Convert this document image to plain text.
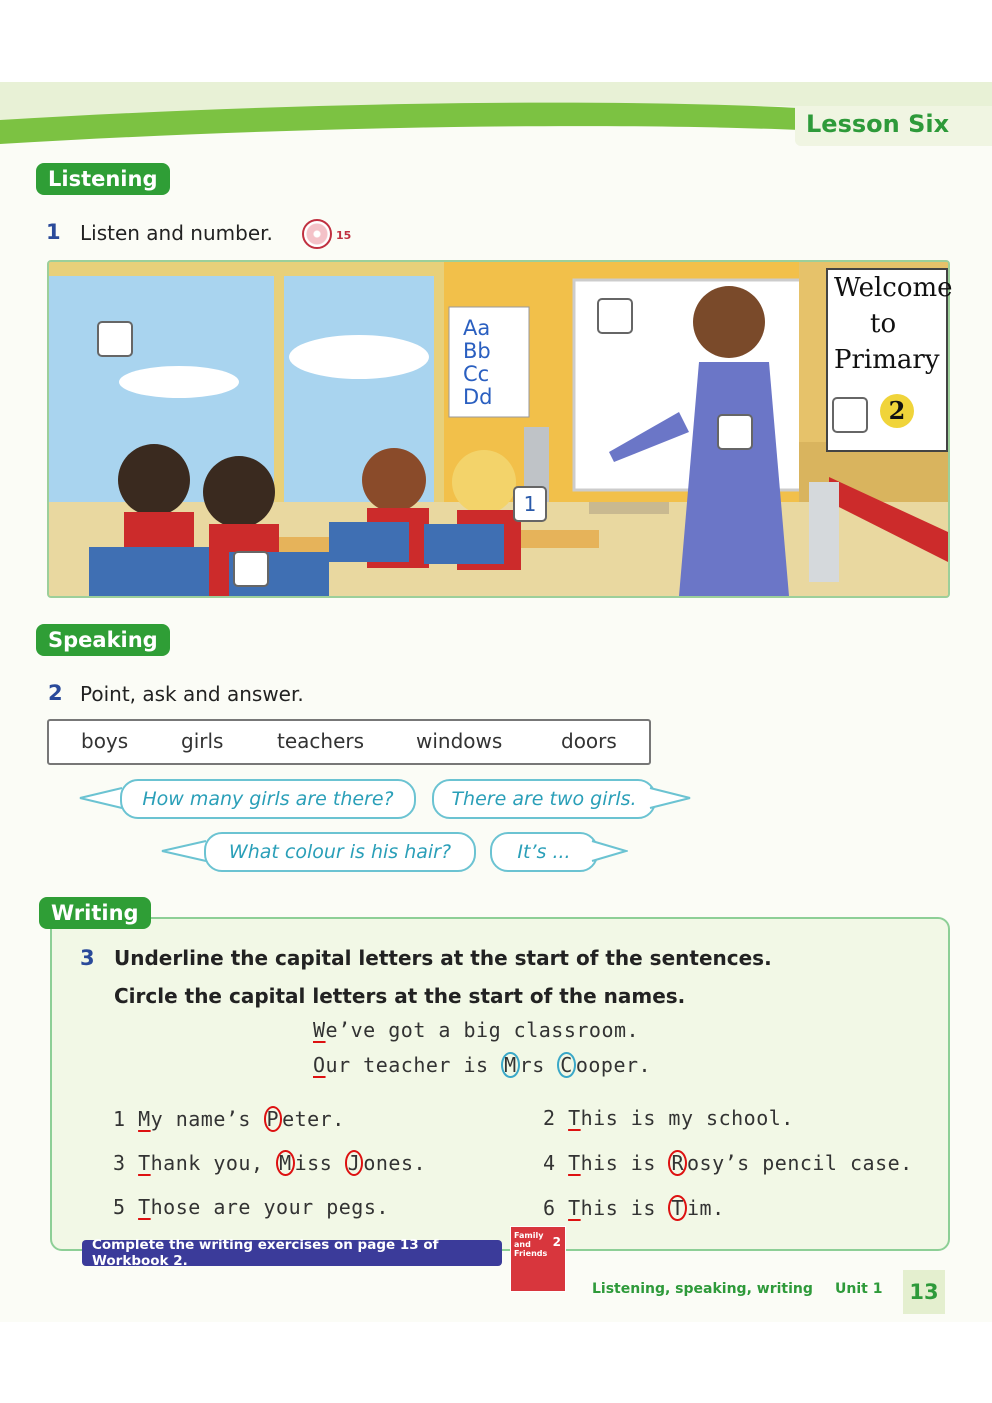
Lesson Six
Listening
1 Listen and number.	15
Aa
Bb
Cc
Dd
Welcome
to
Primary
2
1
Speaking
2 Point, ask and answer.
boys	girls	teachers	windows	doors
How many girls are there?	There are two girls.
What colour is his hair?	It’s ...
Writing
3 Underline the capital letters at the start of the sentences.
Circle the capital letters at the start of the names.
We’ve got a big classroom.
Our teacher is M rs C ooper.
1 My name’s P eter.	2 This is my school.
3 Thank you, M iss J ones.	4 This is R osy’s pencil case.
5 Those are your pegs.	6 This is T im.
Complete the writing exercises on page 13 of Workbook 2.
Family and Friends
2
Listening, speaking, writing Unit 1	13
